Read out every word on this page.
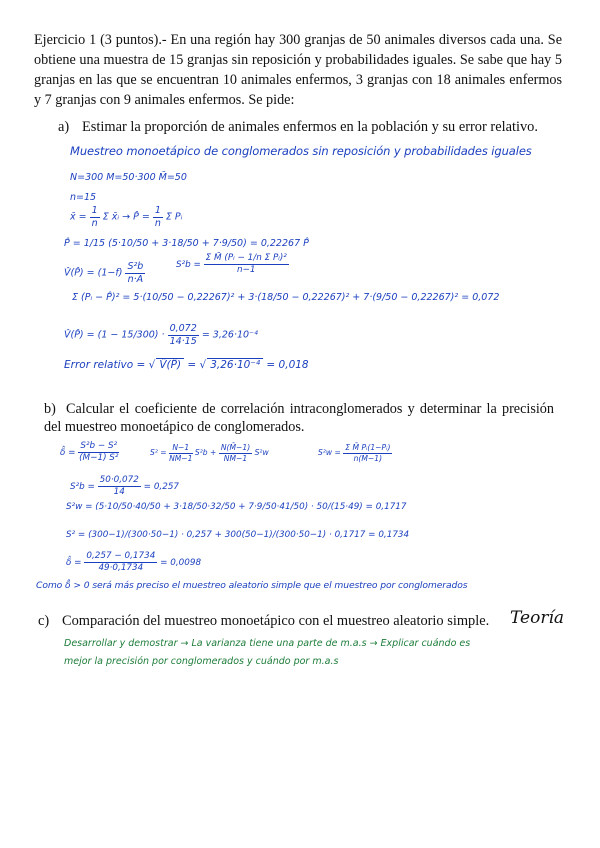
Ejercicio 1 (3 puntos).- En una región hay 300 granjas de 50 animales diversos cada una. Se obtiene una muestra de 15 granjas sin reposición y probabilidades iguales. Se sabe que hay 5 granjas en las que se encuentran 10 animales enfermos, 3 granjas con 18 animales enfermos y 7 granjas con 9 animales enfermos. Se pide:
a) Estimar la proporción de animales enfermos en la población y su error relativo.
Muestreo monoetápico de conglomerados sin reposición y probabilidades iguales
N=300 M=50·300 M̄=50
n=15
x̄ = $\frac{1}{n}$ Σ x̄ᵢ → P̂ = $\frac{1}{n}$ Σ Pᵢ
P̂ = 1/15 (5·10/50 + 3·18/50 + 7·9/50) = 0,22267 P̂
V̂(P̂) = $(1-f) \frac{\text{S²b}}{n\cdot A}$	$S^2b = \frac{\text{Σ M̄ (Pᵢ − 1/n Σ Pᵢ)²}}{n-1}$
Σ (Pᵢ − P̂)² = 5·(10/50 − 0,22267)² + 3·(18/50 − 0,22267)² + 7·(9/50 − 0,22267)² = 0,072
V̂(P̂) = $(1 - 15/300) \cdot \frac{0,072}{14\cdot 15} = 3,26\cdot 10^{-4}$
Error relativo = √ V̂(P̂) = √ 3,26·10⁻⁴ = 0,018
b) Calcular el coeficiente de correlación intraconglomerados y determinar la precisión del muestreo monoetápico de conglomerados.
δ̂ = $\frac{\text{S²b − S²}}{\text{(M̄−1) S²}}$	$S^2 = \frac{N-1}{NM̄-1} S^2b + \frac{N(M̄-1)}{NM̄-1} S^2w$	$S^2w = \frac{\text{Σ M̄ Pᵢ(1−Pᵢ)}}{n(M̄-1)}$
$S^2b = \frac{50\cdot 0,072}{14} = 0,257$
S²w = (5·10/50·40/50 + 3·18/50·32/50 + 7·9/50·41/50) · 50/(15·49) = 0,1717
S² = (300−1)/(300·50−1) · 0,257 + 300(50−1)/(300·50−1) · 0,1717 = 0,1734
δ̂ = $\frac{0,257 - 0,1734}{49\cdot 0,1734} = 0,0098$
Como δ̂ > 0 será más preciso el muestreo aleatorio simple que el muestreo por conglomerados
c) Comparación del muestreo monoetápico con el muestreo aleatorio simple.	Teoría
Desarrollar y demostrar → La varianza tiene una parte de m.a.s → Explicar cuándo es
mejor la precisión por conglomerados y cuándo por m.a.s
